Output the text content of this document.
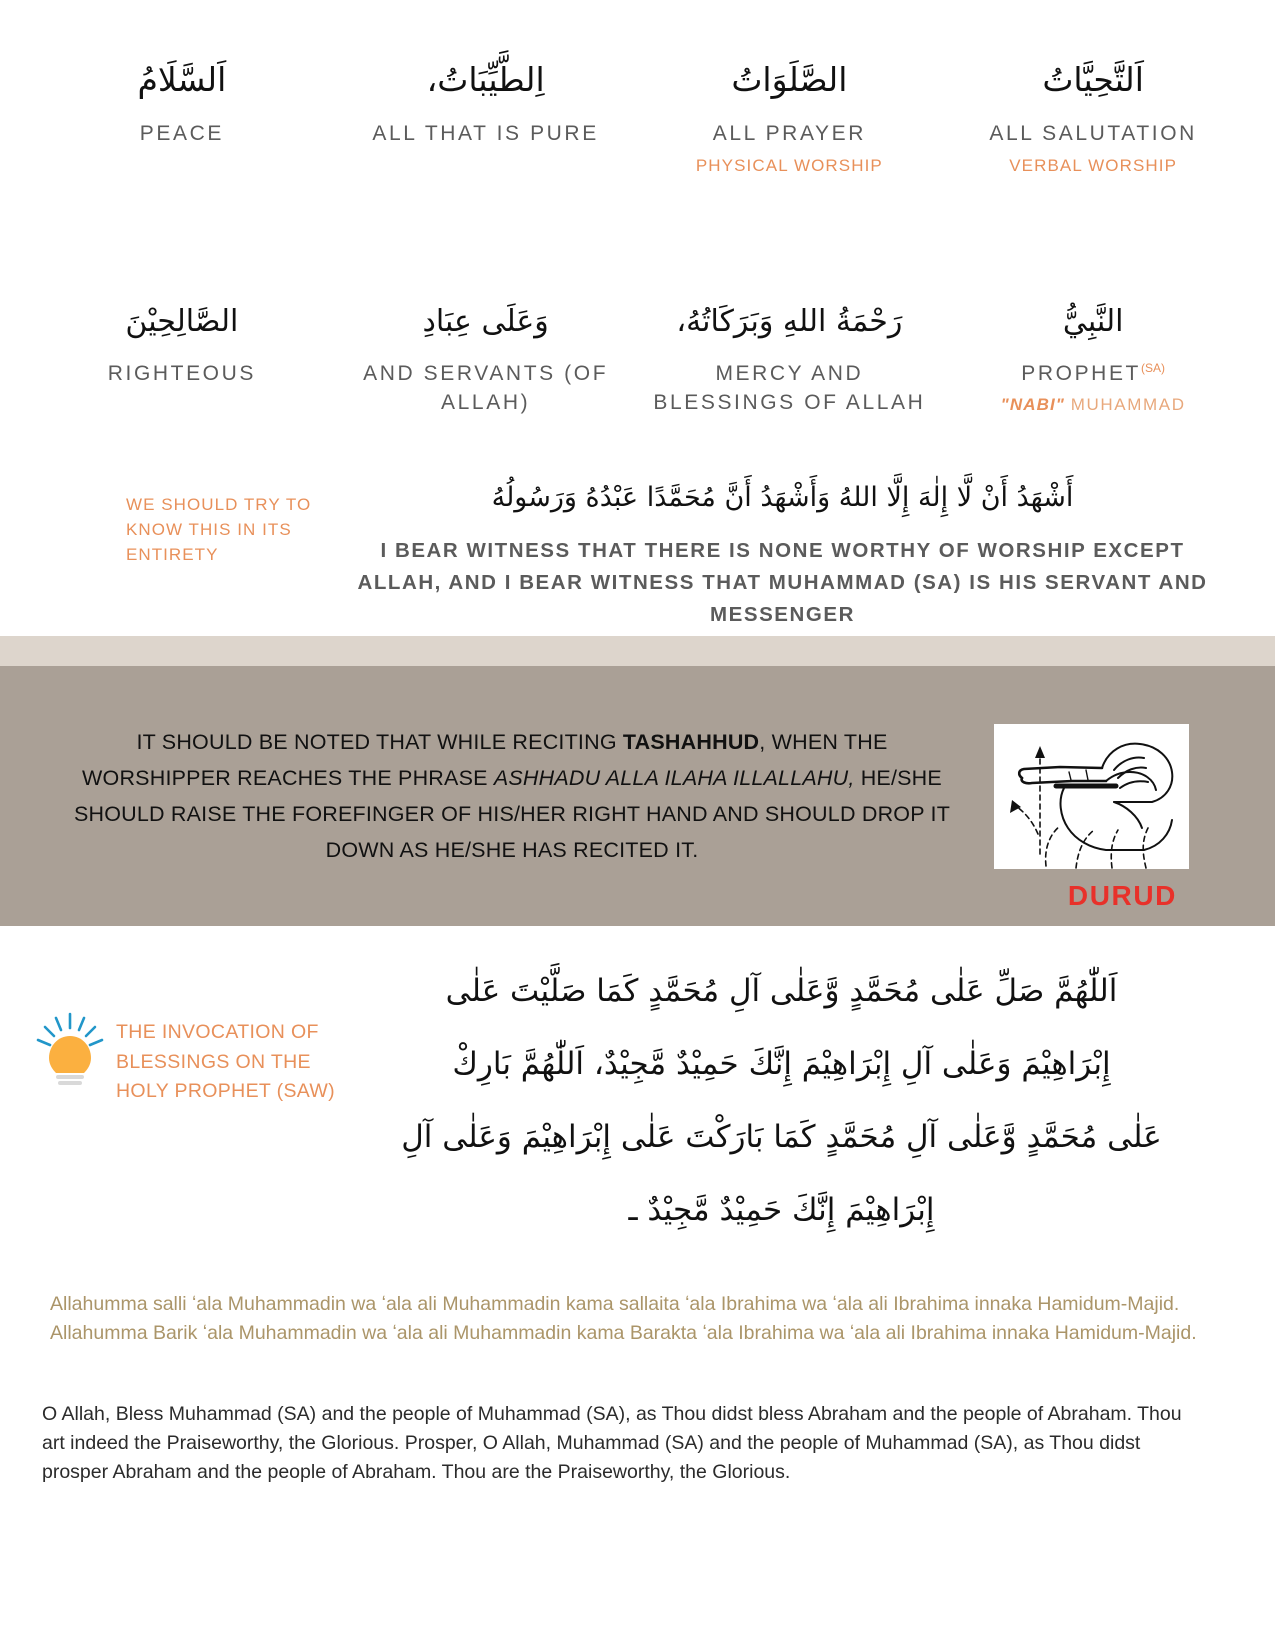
اَلتَّحِيَّاتُ
ALL SALUTATION
VERBAL WORSHIP
الصَّلَوَاتُ
ALL PRAYER
PHYSICAL WORSHIP
اِلطَّيِّبَاتُ،
ALL THAT IS PURE
اَلسَّلَامُ
PEACE
النَّبِيُّ
$PROPHET^{(SA)}$
"NABI" MUHAMMAD
رَحْمَةُ اللهِ وَبَرَكَاتُهُ،
MERCY AND BLESSINGS OF ALLAH
وَعَلَى عِبَادِ
AND SERVANTS (OF ALLAH)
الصَّالِحِيْنَ
RIGHTEOUS
WE SHOULD TRY TO KNOW THIS IN ITS ENTIRETY
أَشْهَدُ أَنْ لَّا إِلٰهَ إِلَّا اللهُ وَأَشْهَدُ أَنَّ مُحَمَّدًا عَبْدُهُ وَرَسُولُهُ
I BEAR WITNESS THAT THERE IS NONE WORTHY OF WORSHIP EXCEPT ALLAH, AND I BEAR WITNESS THAT MUHAMMAD (SA) IS HIS SERVANT AND MESSENGER
IT SHOULD BE NOTED THAT WHILE RECITING TASHAHHUD, WHEN THE WORSHIPPER REACHES THE PHRASE ASHHADU ALLA ILAHA ILLALLAHU, HE/SHE SHOULD RAISE THE FOREFINGER OF HIS/HER RIGHT HAND AND SHOULD DROP IT DOWN AS HE/SHE HAS RECITED IT.
DURUD
اَللّٰهُمَّ صَلِّ عَلٰى مُحَمَّدٍ وَّعَلٰى آلِ مُحَمَّدٍ كَمَا صَلَّيْتَ عَلٰى
إِبْرَاهِيْمَ وَعَلٰى آلِ إِبْرَاهِيْمَ إِنَّكَ حَمِيْدٌ مَّجِيْدٌ، اَللّٰهُمَّ بَارِكْ
عَلٰى مُحَمَّدٍ وَّعَلٰى آلِ مُحَمَّدٍ كَمَا بَارَكْتَ عَلٰى إِبْرَاهِيْمَ وَعَلٰى آلِ
إِبْرَاهِيْمَ إِنَّكَ حَمِيْدٌ مَّجِيْدٌ ـ
THE INVOCATION OF BLESSINGS ON THE HOLY PROPHET (SAW)
Allahumma salli ʻala Muhammadin wa ʻala ali Muhammadin kama sallaita ʻala Ibrahima wa ʻala ali Ibrahima innaka Hamidum-Majid. Allahumma Barik ʻala Muhammadin wa ʻala ali Muhammadin kama Barakta ʻala Ibrahima wa ʻala ali Ibrahima innaka Hamidum-Majid.
O Allah, Bless Muhammad (SA) and the people of Muhammad (SA), as Thou didst bless Abraham and the people of Abraham. Thou art indeed the Praiseworthy, the Glorious. Prosper, O Allah, Muhammad (SA) and the people of Muhammad (SA), as Thou didst prosper Abraham and the people of Abraham. Thou are the Praiseworthy, the Glorious.
